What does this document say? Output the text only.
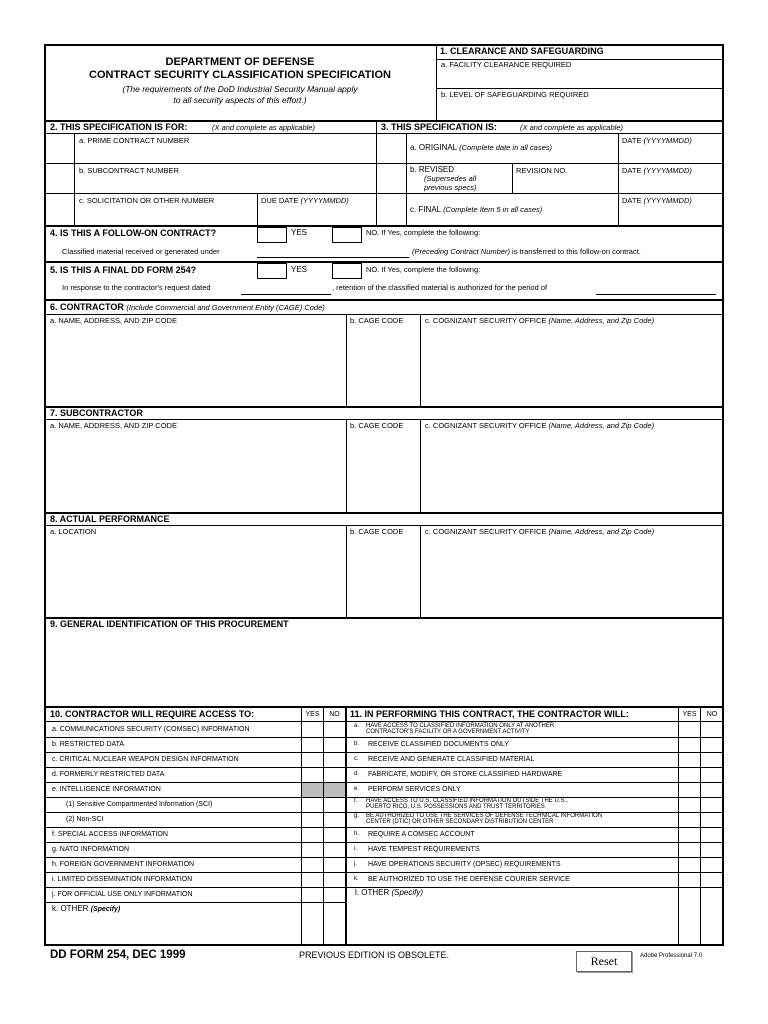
DEPARTMENT OF DEFENSE
CONTRACT SECURITY CLASSIFICATION SPECIFICATION
(The requirements of the DoD Industrial Security Manual apply
to all security aspects of this effort.)
1. CLEARANCE AND SAFEGUARDING
a. FACILITY CLEARANCE REQUIRED
b. LEVEL OF SAFEGUARDING REQUIRED
2. THIS SPECIFICATION IS FOR:	(X and complete as applicable)	3. THIS SPECIFICATION IS:	(X and complete as applicable)
a. PRIME CONTRACT NUMBER
b. SUBCONTRACT NUMBER
c. SOLICITATION OR OTHER NUMBER	DUE DATE (YYYYMMDD)
a. ORIGINAL (Complete date in all cases)
DATE (YYYYMMDD)
b. REVISED
(Supersedes all
previous specs)
REVISION NO.	DATE (YYYYMMDD)
c. FINAL (Complete Item 5 in all cases)
DATE (YYYYMMDD)
4. IS THIS A FOLLOW-ON CONTRACT?	YES	NO. If Yes, complete the following:
Classified material received or generated under	(Preceding Contract Number) is transferred to this follow-on contract.
5. IS THIS A FINAL DD FORM 254?	YES	NO. If Yes, complete the following:
In response to the contractor's request dated	, retention of the classified material is authorized for the period of
6. CONTRACTOR (Include Commercial and Government Entity (CAGE) Code)
a. NAME, ADDRESS, AND ZIP CODE	b. CAGE CODE	c. COGNIZANT SECURITY OFFICE (Name, Address, and Zip Code)
7. SUBCONTRACTOR
a. NAME, ADDRESS, AND ZIP CODE	b. CAGE CODE	c. COGNIZANT SECURITY OFFICE (Name, Address, and Zip Code)
8. ACTUAL PERFORMANCE
a. LOCATION	b. CAGE CODE	c. COGNIZANT SECURITY OFFICE (Name, Address, and Zip Code)
9. GENERAL IDENTIFICATION OF THIS PROCUREMENT
10. CONTRACTOR WILL REQUIRE ACCESS TO:	YES	NO
a. COMMUNICATIONS SECURITY (COMSEC) INFORMATION
b. RESTRICTED DATA
c. CRITICAL NUCLEAR WEAPON DESIGN INFORMATION
d. FORMERLY RESTRICTED DATA
e. INTELLIGENCE INFORMATION
(1) Sensitive Compartmented Information (SCI)
(2) Non-SCI
f. SPECIAL ACCESS INFORMATION
g. NATO INFORMATION
h. FOREIGN GOVERNMENT INFORMATION
i. LIMITED DISSEMINATION INFORMATION
j. FOR OFFICIAL USE ONLY INFORMATION
k. OTHER (Specify)
11. IN PERFORMING THIS CONTRACT, THE CONTRACTOR WILL:	YES	NO
a. HAVE ACCESS TO CLASSIFIED INFORMATION ONLY AT ANOTHER
CONTRACTOR'S FACILITY OR A GOVERNMENT ACTIVITY
b. RECEIVE CLASSIFIED DOCUMENTS ONLY
c. RECEIVE AND GENERATE CLASSIFIED MATERIAL
d. FABRICATE, MODIFY, OR STORE CLASSIFIED HARDWARE
e. PERFORM SERVICES ONLY
f. HAVE ACCESS TO U.S. CLASSIFIED INFORMATION OUTSIDE THE U.S.,
PUERTO RICO, U.S. POSSESSIONS AND TRUST TERRITORIES
g. BE AUTHORIZED TO USE THE SERVICES OF DEFENSE TECHNICAL INFORMATION
CENTER (DTIC) OR OTHER SECONDARY DISTRIBUTION CENTER
h. REQUIRE A COMSEC ACCOUNT
i. HAVE TEMPEST REQUIREMENTS
j. HAVE OPERATIONS SECURITY (OPSEC) REQUIREMENTS
k. BE AUTHORIZED TO USE THE DEFENSE COURIER SERVICE
l. OTHER (Specify)
DD FORM 254, DEC 1999	PREVIOUS EDITION IS OBSOLETE.	Reset	Adobe Professional 7.0
